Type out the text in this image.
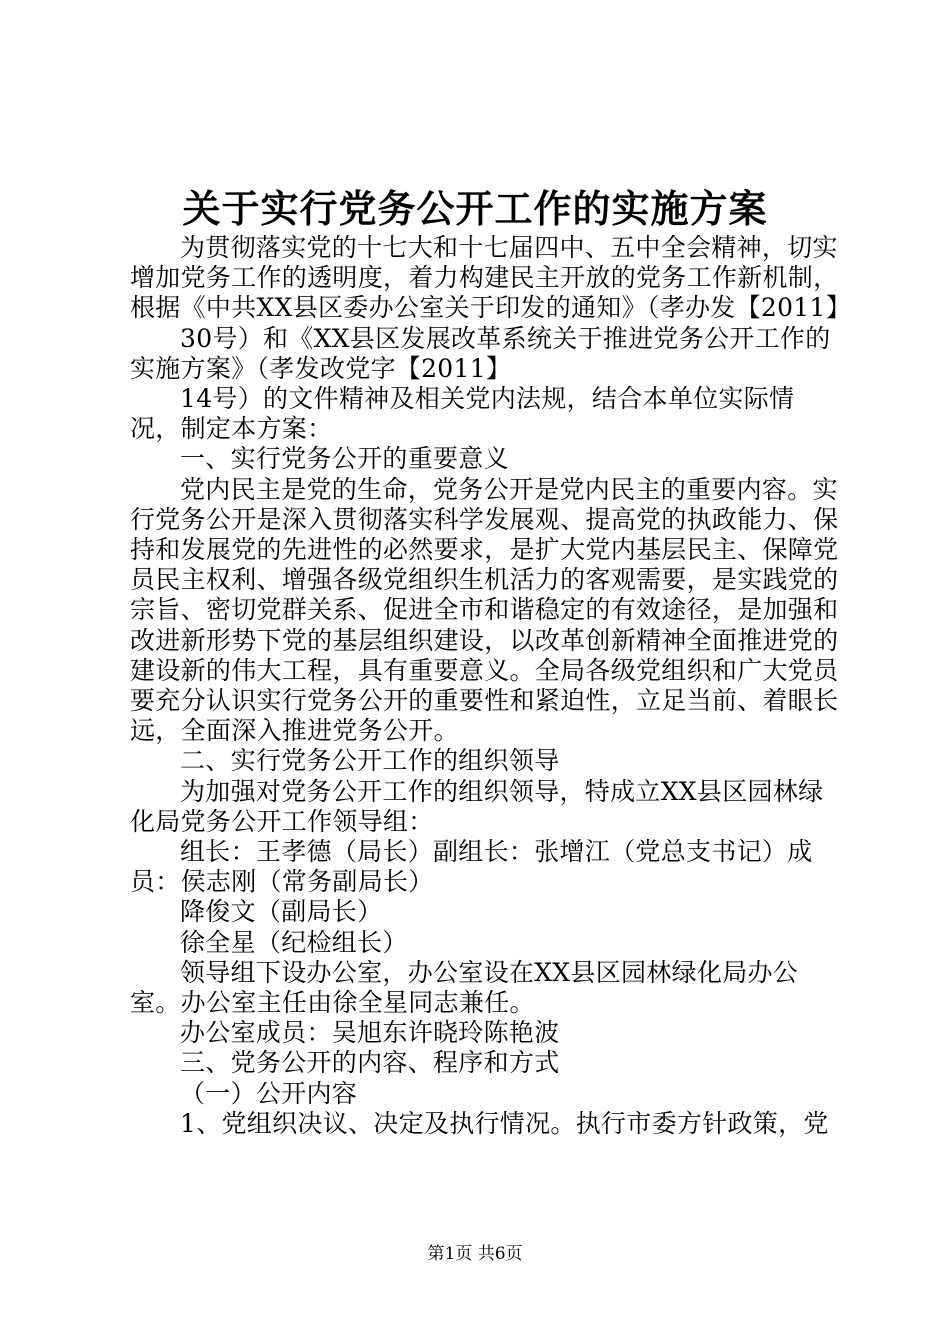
关于实行党务公开工作的实施方案

为贯彻落实党的十七大和十七届四中、五中全会精神，切实增加党务工作的透明度，着力构建民主开放的党务工作新机制，根据《中共XX县区委办公室关于印发的通知》（孝办发【2011】

30号）和《XX县区发展改革系统关于推进党务公开工作的实施方案》（孝发改党字【2011】

14号）的文件精神及相关党内法规，结合本单位实际情况，制定本方案：

一、实行党务公开的重要意义

党内民主是党的生命，党务公开是党内民主的重要内容。实行党务公开是深入贯彻落实科学发展观、提高党的执政能力、保持和发展党的先进性的必然要求，是扩大党内基层民主、保障党员民主权利、增强各级党组织生机活力的客观需要，是实践党的宗旨、密切党群关系、促进全市和谐稳定的有效途径，是加强和改进新形势下党的基层组织建设，以改革创新精神全面推进党的建设新的伟大工程，具有重要意义。全局各级党组织和广大党员要充分认识实行党务公开的重要性和紧迫性，立足当前、着眼长远，全面深入推进党务公开。

二、实行党务公开工作的组织领导

为加强对党务公开工作的组织领导，特成立XX县区园林绿化局党务公开工作领导组：

组长：王孝德（局长）副组长：张增江（党总支书记）成员：侯志刚（常务副局长）

降俊文（副局长）

徐全星（纪检组长）

领导组下设办公室，办公室设在XX县区园林绿化局办公室。办公室主任由徐全星同志兼任。

办公室成员：吴旭东许晓玲陈艳波

三、党务公开的内容、程序和方式

（一）公开内容

1、党组织决议、决定及执行情况。执行市委方针政策，党

第1页 共6页
